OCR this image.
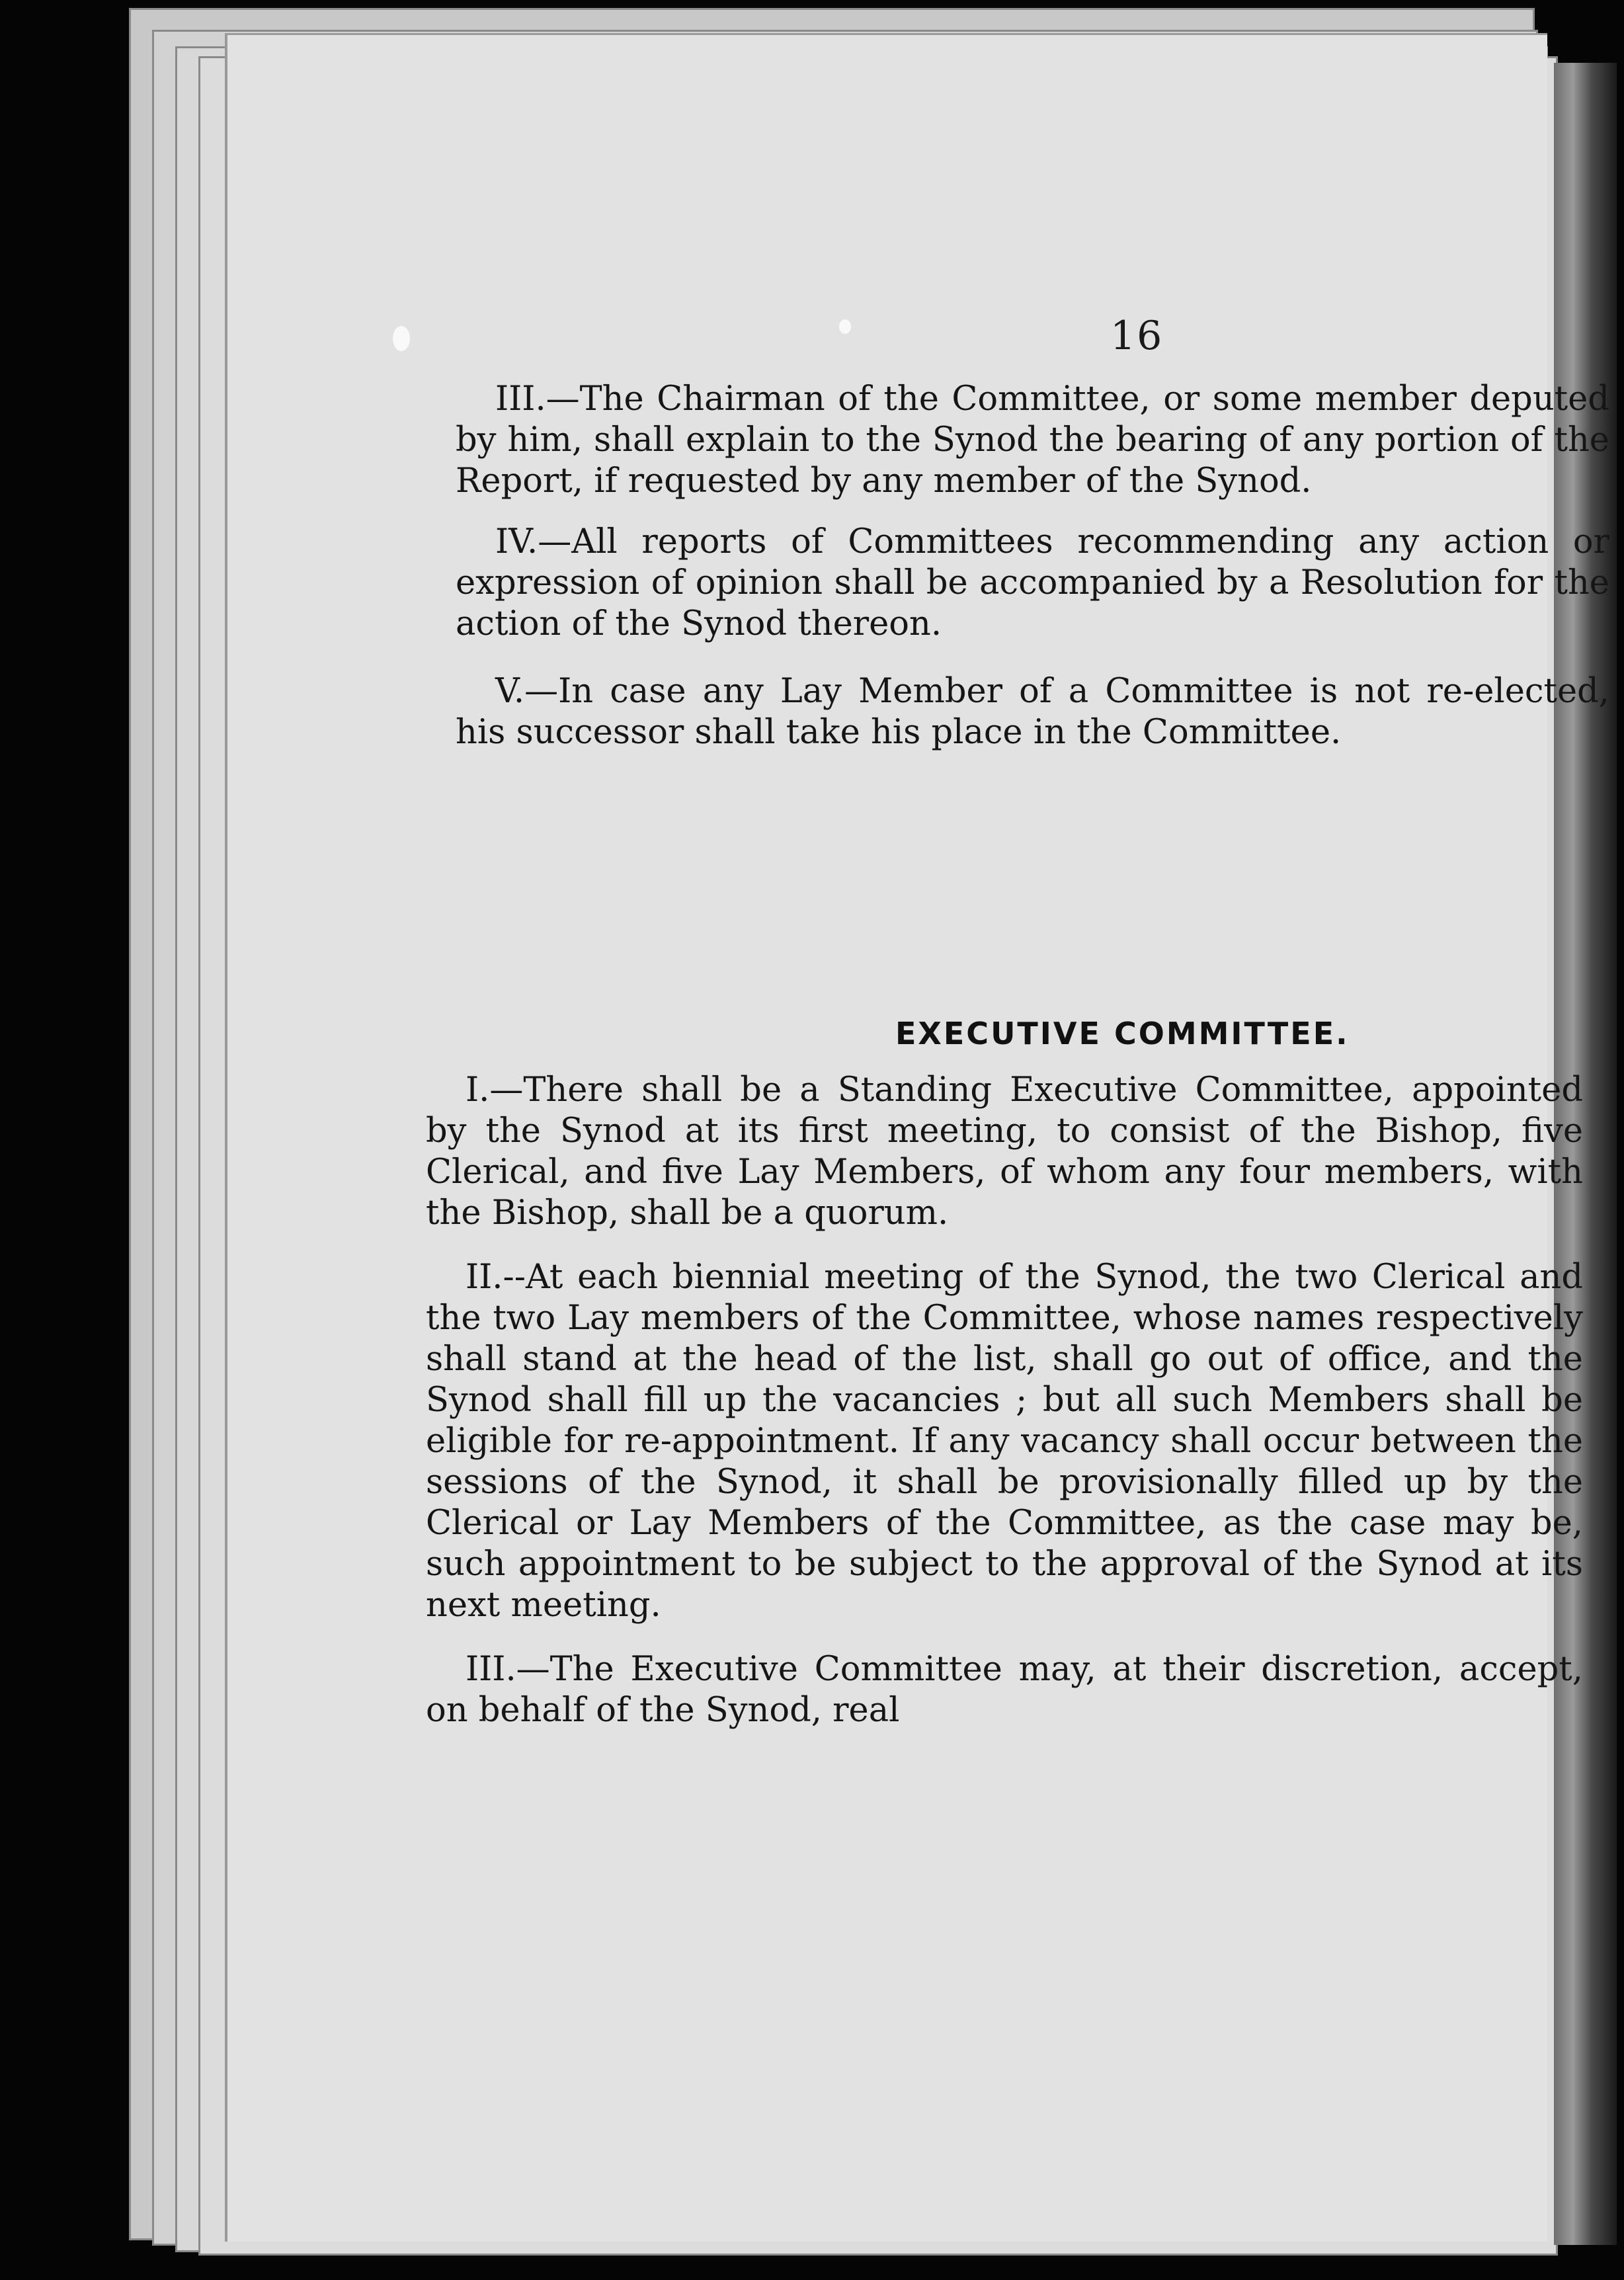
16

III.—The Chairman of the Committee, or some member deputed by him, shall explain to the Synod the bearing of any portion of the Report, if requested by any member of the Synod.

IV.—All reports of Committees recommending any action or expression of opinion shall be accompanied by a Resolution for the action of the Synod thereon.

V.—In case any Lay Member of a Committee is not re-elected, his successor shall take his place in the Committee.

EXECUTIVE COMMITTEE.

I.—There shall be a Standing Executive Committee, appointed by the Synod at its first meeting, to consist of the Bishop, five Clerical, and five Lay Members, of whom any four members, with the Bishop, shall be a quorum.

II.--At each biennial meeting of the Synod, the two Clerical and the two Lay members of the Committee, whose names respectively shall stand at the head of the list, shall go out of office, and the Synod shall fill up the vacancies ; but all such Members shall be eligible for re-appointment. If any vacancy shall occur between the sessions of the Synod, it shall be provisionally filled up by the Clerical or Lay Members of the Committee, as the case may be, such appointment to be subject to the approval of the Synod at its next meeting.

III.—The Executive Committee may, at their discretion, accept, on behalf of the Synod, real
